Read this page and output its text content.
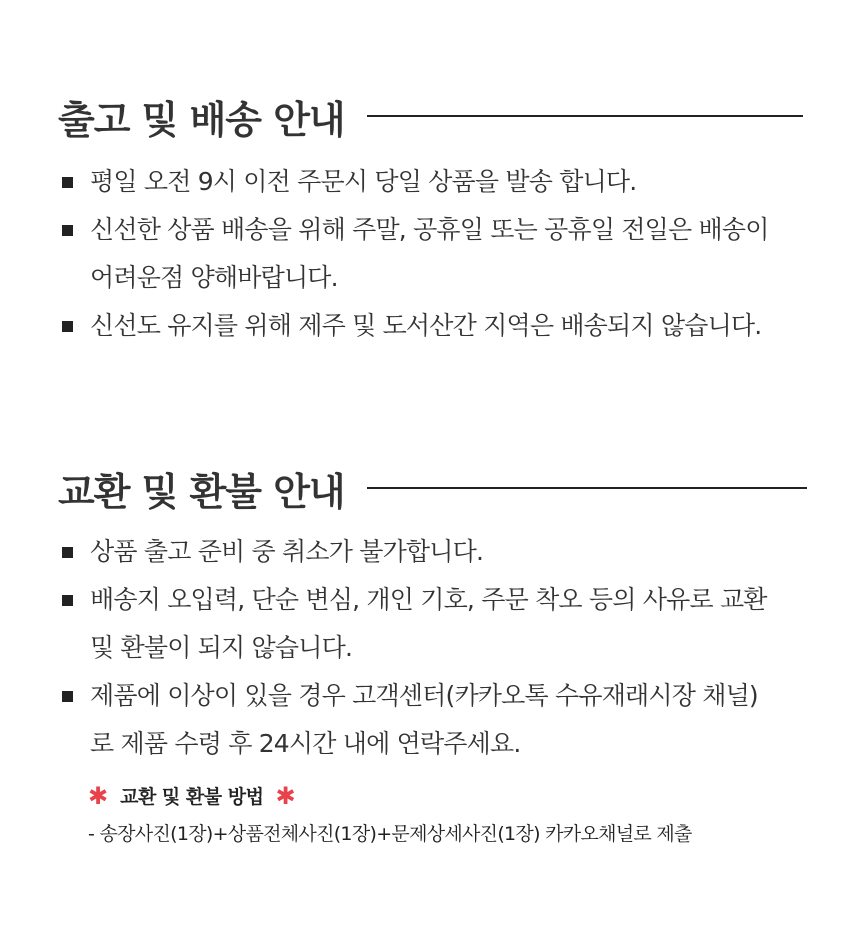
출고 및 배송 안내
평일 오전 9시 이전 주문시 당일 상품을 발송 합니다.
신선한 상품 배송을 위해 주말, 공휴일 또는 공휴일 전일은 배송이
어려운점 양해바랍니다.
신선도 유지를 위해 제주 및 도서산간 지역은 배송되지 않습니다.
교환 및 환불 안내
상품 출고 준비 중 취소가 불가합니다.
배송지 오입력, 단순 변심, 개인 기호, 주문 착오 등의 사유로 교환
및 환불이 되지 않습니다.
제품에 이상이 있을 경우 고객센터(카카오톡 수유재래시장 채널)
로 제품 수령 후 24시간 내에 연락주세요.
✱ 교환 및 환불 방법 ✱
- 송장사진(1장)+상품전체사진(1장)+문제상세사진(1장) 카카오채널로 제출
